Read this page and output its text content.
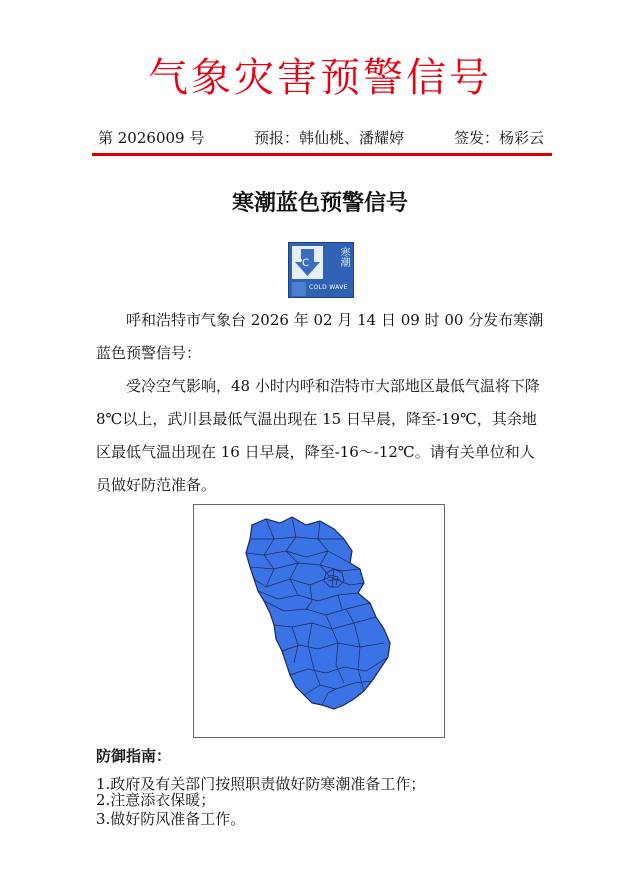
气象灾害预警信号
第 2026009 号	预报：韩仙桃、潘耀婷	签发：杨彩云
寒潮蓝色预警信号
℃	寒潮
COLD WAVE
呼和浩特市气象台 2026 年 02 月 14 日 09 时 00 分发布寒潮蓝色预警信号：
受冷空气影响，48 小时内呼和浩特市大部地区最低气温将下降 8℃以上，武川县最低气温出现在 15 日早晨，降至-19℃，其余地区最低气温出现在 16 日早晨，降至-16～-12℃。请有关单位和人员做好防范准备。
防御指南：
1.政府及有关部门按照职责做好防寒潮准备工作；
2.注意添衣保暖；
3.做好防风准备工作。
